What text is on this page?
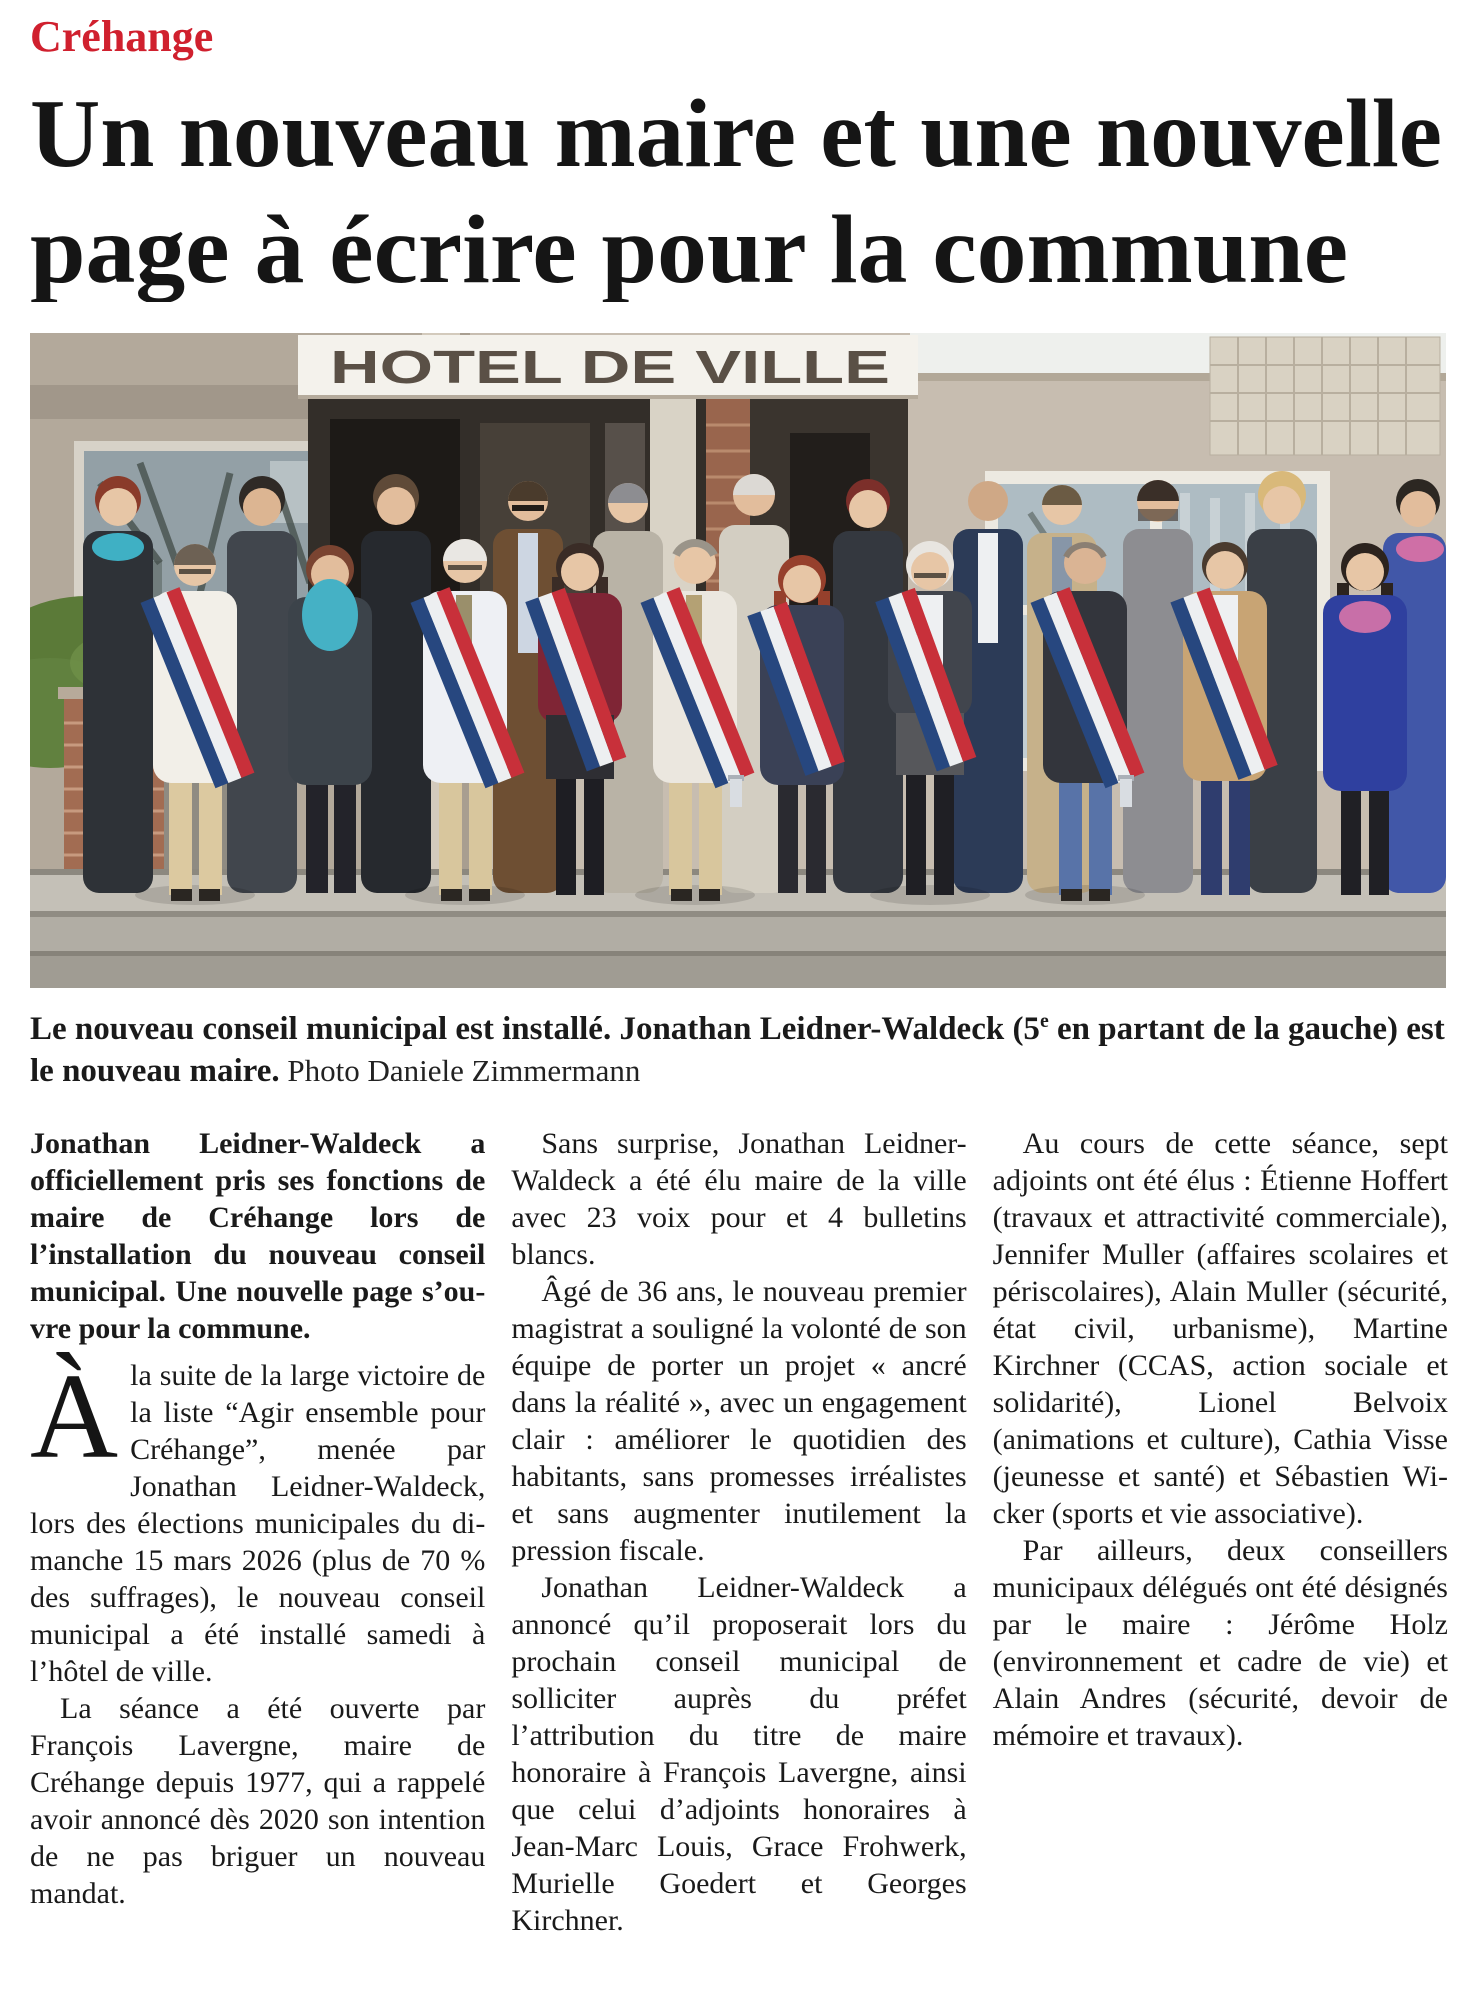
Créhange
Un nouveau maire et une nouvelle
page à écrire pour la commune
HOTEL DE VILLE

Le nouveau conseil municipal est installé. Jonathan Leidner-Waldeck (5e en partant de la gauche) est le nouveau maire. Photo Daniele Zimmermann

Jonathan Leidner-Waldeck a officiellement pris ses fonctions de maire de Créhange lors de l’installation du nouveau conseil municipal. Une nouvelle page s’ouvre pour la commune.

À la suite de la large victoire de la liste “Agir ensemble pour Créhange”, menée par Jonathan Leidner-Waldeck, lors des élections municipales du dimanche 15 mars 2026 (plus de 70 % des suffrages), le nouveau conseil municipal a été installé samedi à l’hôtel de ville.

La séance a été ouverte par François Lavergne, maire de Créhange depuis 1977, qui a rappelé avoir annoncé dès 2020 son intention de ne pas briguer un nouveau mandat.

Sans surprise, Jonathan Leidner-Waldeck a été élu maire de la ville avec 23 voix pour et 4 bulletins blancs.

Âgé de 36 ans, le nouveau premier magistrat a souligné la volonté de son équipe de porter un projet « ancré dans la réalité », avec un engagement clair : améliorer le quotidien des habitants, sans promesses irréalistes et sans augmenter inutilement la pression fiscale.

Jonathan Leidner-Waldeck a annoncé qu’il proposerait lors du prochain conseil municipal de solliciter auprès du préfet l’attribution du titre de maire honoraire à François Lavergne, ainsi que celui d’adjoints honoraires à Jean-Marc Louis, Grace Frohwerk, Murielle Goedert et Georges Kirchner.

Au cours de cette séance, sept adjoints ont été élus : Étienne Hoffert (travaux et attractivité commerciale), Jennifer Muller (affaires scolaires et périscolaires), Alain Muller (sécurité, état civil, urbanisme), Martine Kirchner (CCAS, action sociale et solidarité), Lionel Belvoix (animations et culture), Cathia Visse (jeunesse et santé) et Sébastien Wicker (sports et vie associative).

Par ailleurs, deux conseillers municipaux délégués ont été désignés par le maire : Jérôme Holz (environnement et cadre de vie) et Alain Andres (sécurité, devoir de mémoire et travaux).
